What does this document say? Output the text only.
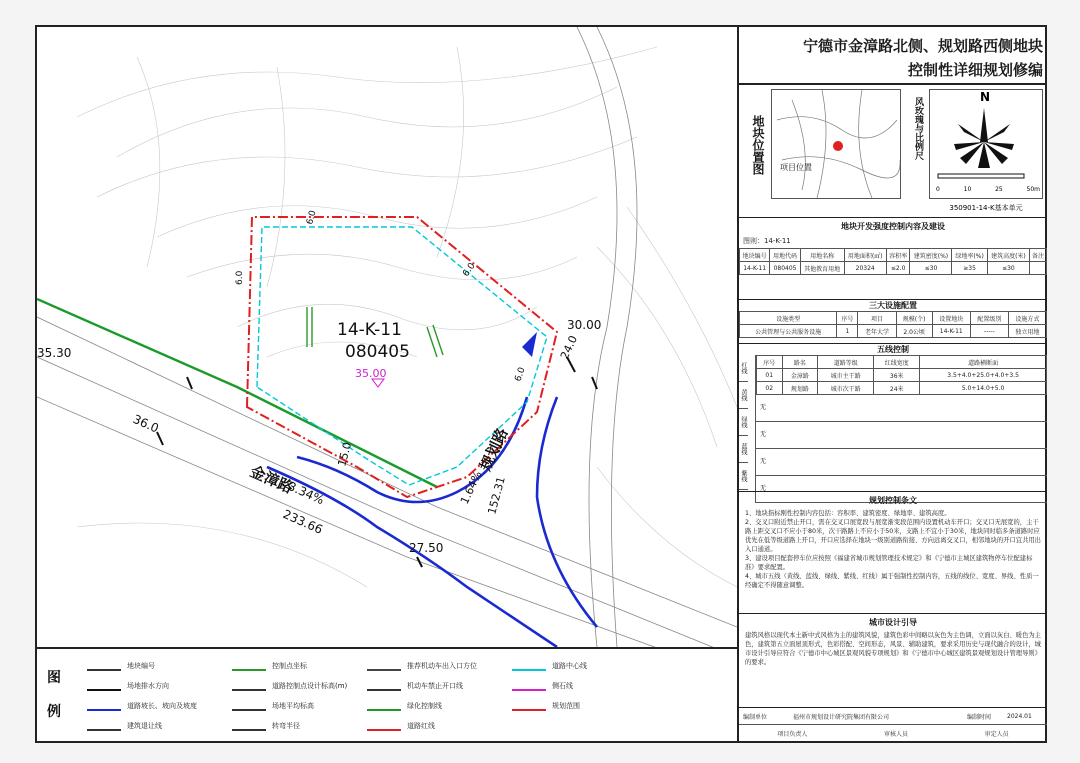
14-K-11
080405
35.00
35.30
36.0
金漳路
3.34%
233.66
27.50
30.00
24.0
15.0	规划路
1.64% 152.31
6.0
6.0	6.0
6.0
图例
地块编号	控制点坐标	推荐机动车出入口方位	道路中心线
场地排水方向	道路控制点设计标高(m)	机动车禁止开口线	侧石线
道路坡长、坡向及坡度	场地平均标高	绿化控制线	规划范围
建筑退让线	转弯半径	道路红线
宁德市金漳路北侧、规划路西侧地块
控制性详细规划修编
地块位置图 项目位置
风玫瑰与比例尺	N
0	10	25	50m
350901-14-K基本单元
地块开发强度控制内容及建设
图则：14-K-11
地块编号	用地代码	用地名称	用地面积(㎡)	容积率	建筑密度(%)	绿地率(%)	建筑高度(米)	备注
14-K-11	080405	其他教育用地	20324	≤2.0	≤30	≥35	≤30	
三大设施配置
设施类型	序号	项目	规模(个)	设置地块	配置级别	设施方式
公共管理与公共服务设施	1	老年大学	2.0公顷	14-K-11	-----	独立用地
五线控制
红线
黄线
绿线
蓝线
紫线
序号	路名	道路等级	红线宽度	道路横断面
01	金漳路	城市主干路	36米	3.5+4.0+25.0+4.0+3.5
02	规划路	城市次干路	24米	5.0+14.0+5.0
无
无
无
无
规划控制条文
1、地块指标刚性控制内容包括：容积率、建筑密度、绿地率、建筑高度。
2、交叉口附近禁止开口，需在交叉口展宽段与展宽渐变段范围内设置机动车开口；交叉口无展宽的，主干路上距交叉口不应小于80米，次干路路上不应小于50米，支路上不宜小于30米，地块同时临多条道路时应优先在低等级道路上开口，开口应选择在地块一级别道路衔接、方向远离交叉口，相邻地块的开口宜共用出入口通道。
3、建设项目配套停车位应按照《福建省城市规划管理技术规定》和《宁德市主城区建筑物停车位配建标准》要求配置。
4、城市五线（黄线、蓝线、绿线、紫线、红线）属于强制性控制内容，五线的线位、宽度、界线、性质一经确定不得随意调整。
城市设计引导
建筑风格以现代本土新中式风格为主的建筑风貌，建筑色彩中间略以灰色为主色调，立面以灰白、暖色为主色，建筑第五立面屋顶形式，色彩搭配、空间形态，风景、辅助建筑，要求采用历史与现代融合的设计，城市设计引导应符合《宁德市中心城区景观风貌专项规划》和《宁德市中心城区建筑景观规划设计管理导则》的要求。
编制单位	福州市规划设计研究院集团有限公司	编制时间	2024.01
项目负责人	审核人员	审定人员
